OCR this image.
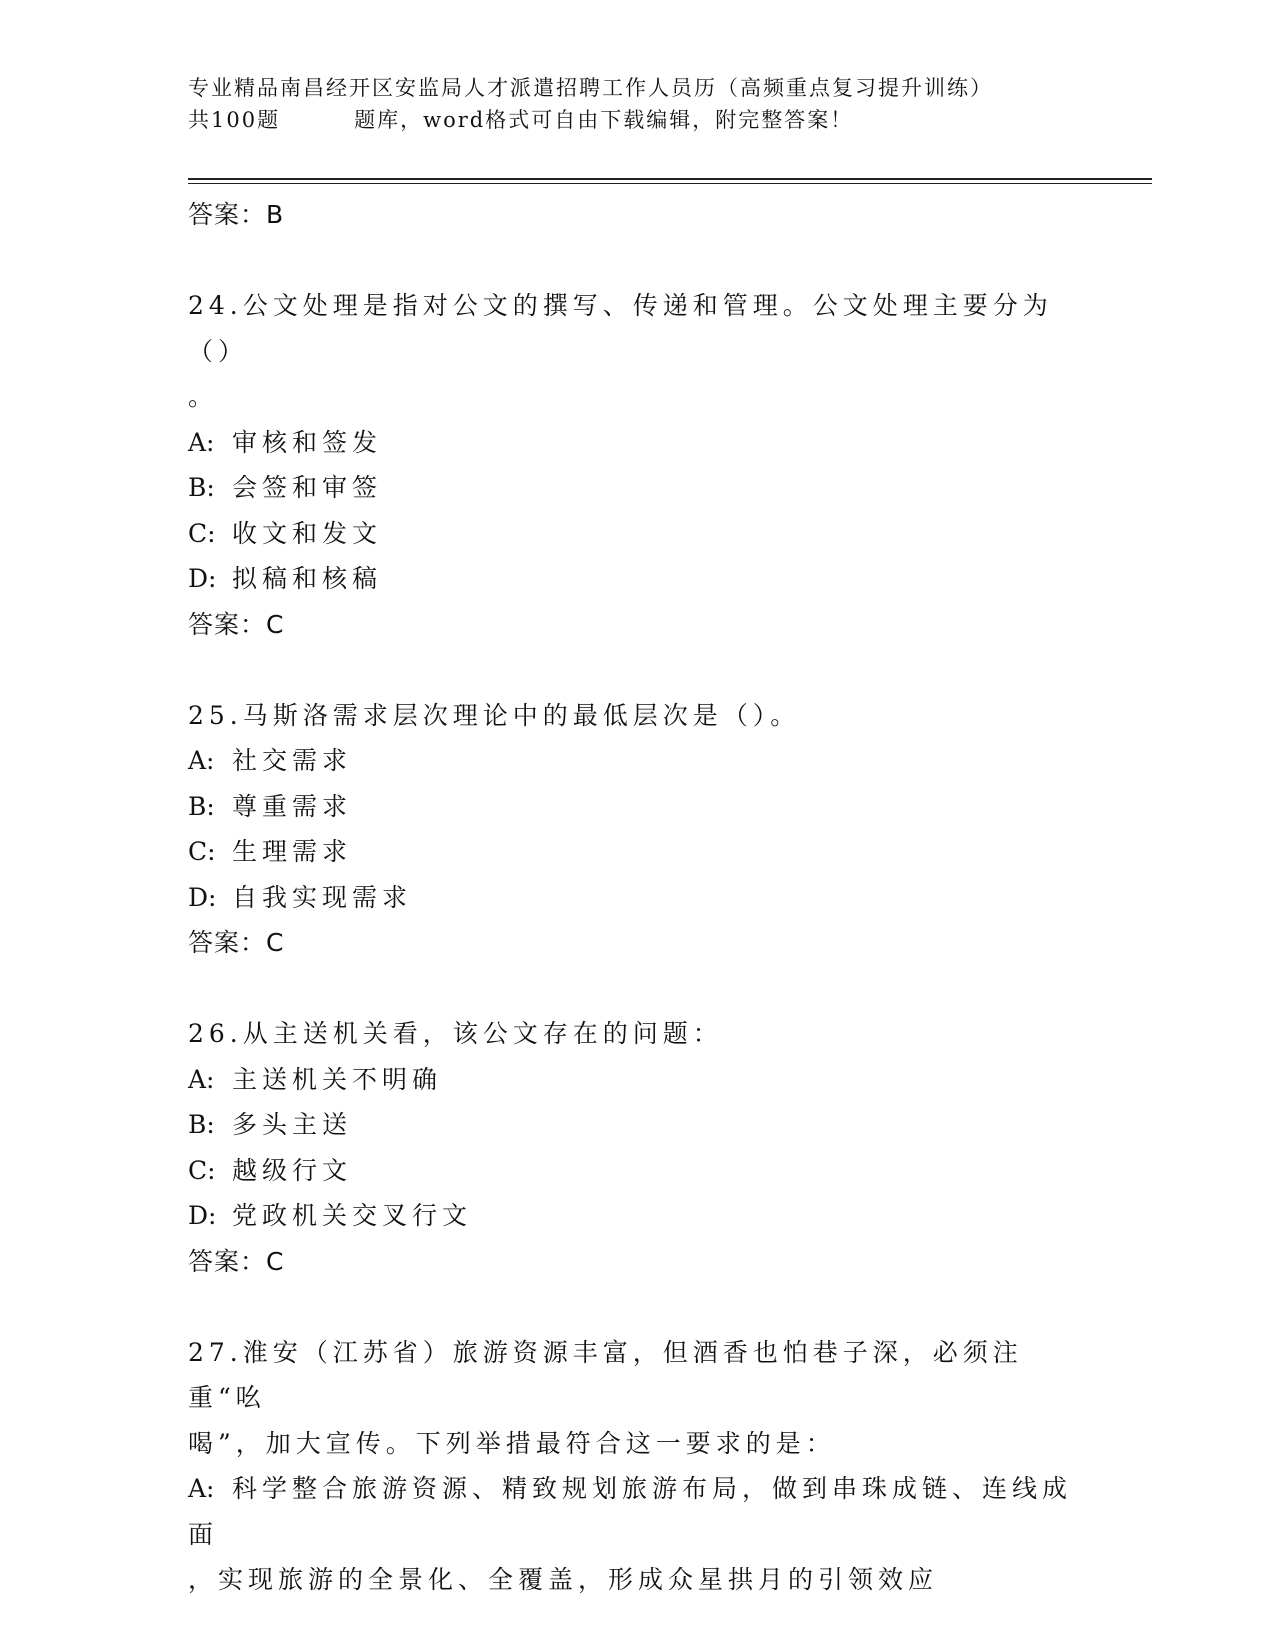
专业精品南昌经开区安监局人才派遣招聘工作人员历（高频重点复习提升训练）
共100题	题库，word格式可自由下载编辑，附完整答案！
答案：B
24.公文处理是指对公文的撰写、传递和管理。公文处理主要分为（）
。
A: 审核和签发
B: 会签和审签
C: 收文和发文
D: 拟稿和核稿
答案：C
25.马斯洛需求层次理论中的最低层次是（）。
A: 社交需求
B: 尊重需求
C: 生理需求
D: 自我实现需求
答案：C
26.从主送机关看，该公文存在的问题：
A: 主送机关不明确
B: 多头主送
C: 越级行文
D: 党政机关交叉行文
答案：C
27.淮安（江苏省）旅游资源丰富，但酒香也怕巷子深，必须注重“吆
喝”，加大宣传。下列举措最符合这一要求的是：
A: 科学整合旅游资源、精致规划旅游布局，做到串珠成链、连线成面
，实现旅游的全景化、全覆盖，形成众星拱月的引领效应
